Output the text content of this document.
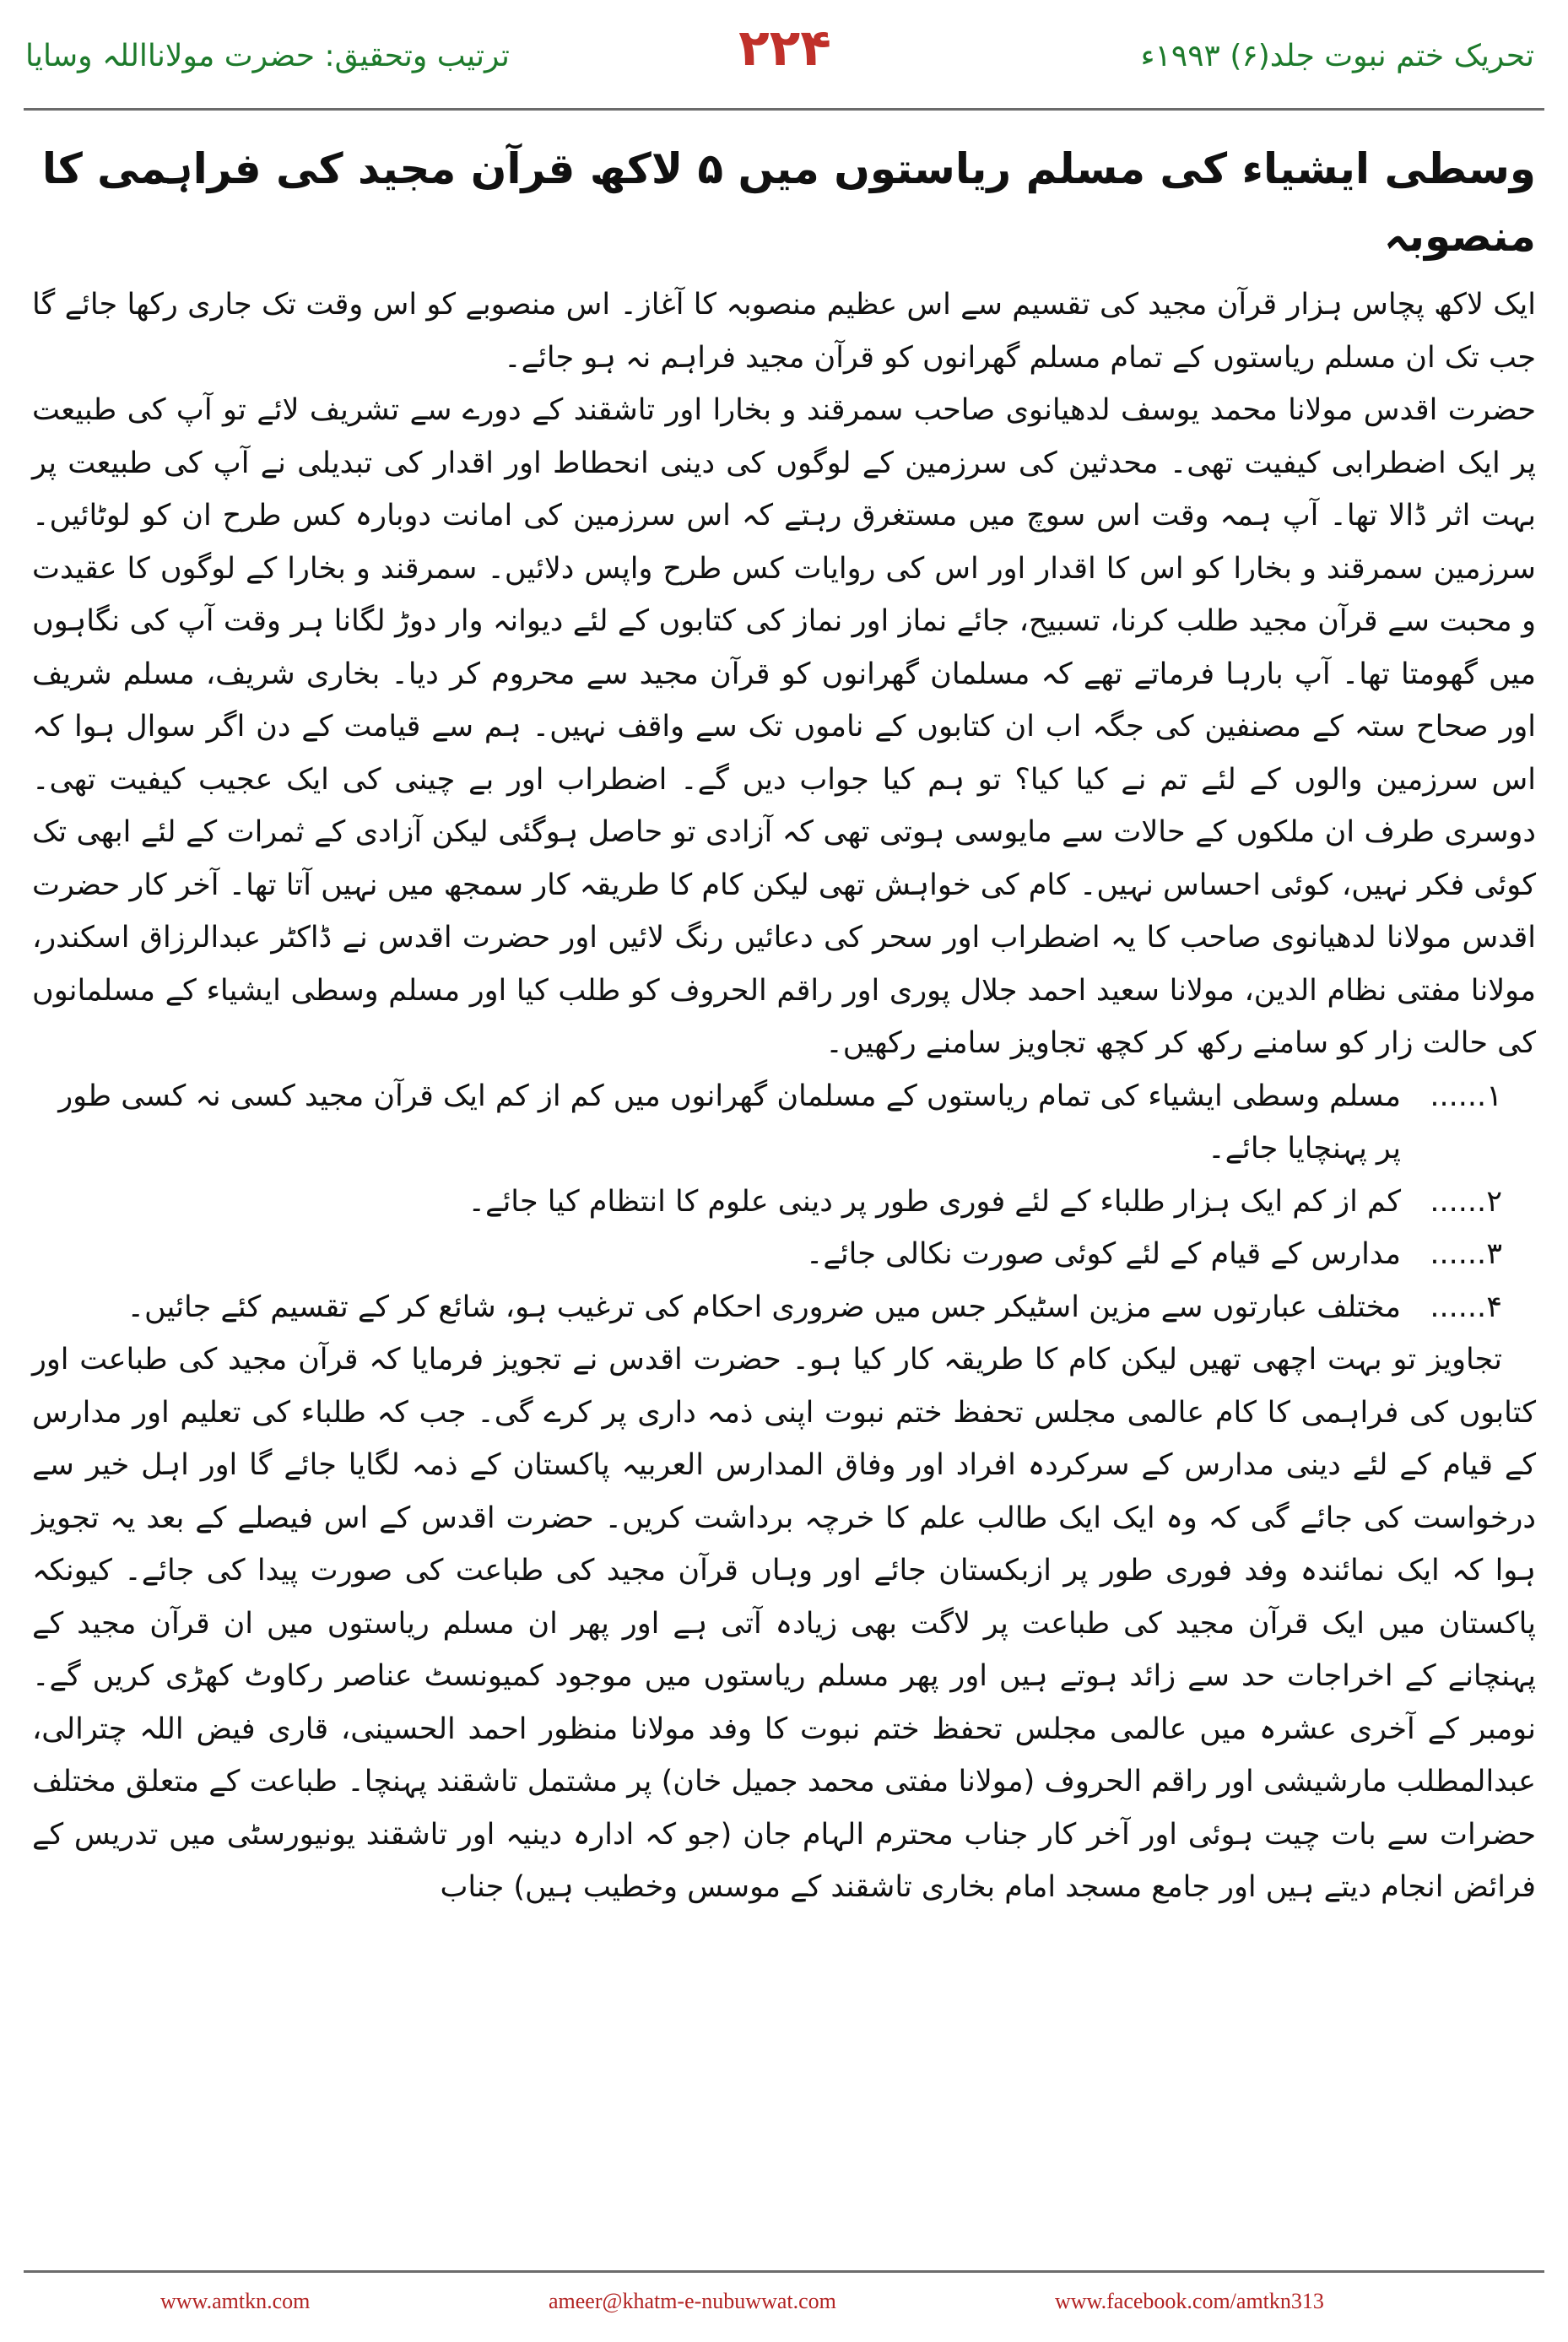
تحریک ختم نبوت جلد(۶) ۱۹۹۳ء
۲۲۴
ترتیب وتحقیق: حضرت مولانااللہ وسایا
وسطی ایشیاء کی مسلم ریاستوں میں ۵ لاکھ قرآن مجید کی فراہمی کا منصوبہ

ایک لاکھ پچاس ہزار قرآن مجید کی تقسیم سے اس عظیم منصوبہ کا آغاز۔ اس منصوبے کو اس وقت تک جاری رکھا جائے گا جب تک ان مسلم ریاستوں کے تمام مسلم گھرانوں کو قرآن مجید فراہم نہ ہو جائے۔

حضرت اقدس مولانا محمد یوسف لدھیانوی صاحب سمرقند و بخارا اور تاشقند کے دورے سے تشریف لائے تو آپ کی طبیعت پر ایک اضطرابی کیفیت تھی۔ محدثین کی سرزمین کے لوگوں کی دینی انحطاط اور اقدار کی تبدیلی نے آپ کی طبیعت پر بہت اثر ڈالا تھا۔ آپ ہمہ وقت اس سوچ میں مستغرق رہتے کہ اس سرزمین کی امانت دوبارہ کس طرح ان کو لوٹائیں۔ سرزمین سمرقند و بخارا کو اس کا اقدار اور اس کی روایات کس طرح واپس دلائیں۔ سمرقند و بخارا کے لوگوں کا عقیدت و محبت سے قرآن مجید طلب کرنا، تسبیح، جائے نماز اور نماز کی کتابوں کے لئے دیوانہ وار دوڑ لگانا ہر وقت آپ کی نگاہوں میں گھومتا تھا۔ آپ بارہا فرماتے تھے کہ مسلمان گھرانوں کو قرآن مجید سے محروم کر دیا۔ بخاری شریف، مسلم شریف اور صحاح ستہ کے مصنفین کی جگہ اب ان کتابوں کے ناموں تک سے واقف نہیں۔ ہم سے قیامت کے دن اگر سوال ہوا کہ اس سرزمین والوں کے لئے تم نے کیا کیا؟ تو ہم کیا جواب دیں گے۔ اضطراب اور بے چینی کی ایک عجیب کیفیت تھی۔ دوسری طرف ان ملکوں کے حالات سے مایوسی ہوتی تھی کہ آزادی تو حاصل ہوگئی لیکن آزادی کے ثمرات کے لئے ابھی تک کوئی فکر نہیں، کوئی احساس نہیں۔ کام کی خواہش تھی لیکن کام کا طریقہ کار سمجھ میں نہیں آتا تھا۔ آخر کار حضرت اقدس مولانا لدھیانوی صاحب کا یہ اضطراب اور سحر کی دعائیں رنگ لائیں اور حضرت اقدس نے ڈاکٹر عبدالرزاق اسکندر، مولانا مفتی نظام الدین، مولانا سعید احمد جلال پوری اور راقم الحروف کو طلب کیا اور مسلم وسطی ایشیاء کے مسلمانوں کی حالت زار کو سامنے رکھ کر کچھ تجاویز سامنے رکھیں۔

۱......
مسلم وسطی ایشیاء کی تمام ریاستوں کے مسلمان گھرانوں میں کم از کم ایک قرآن مجید کسی نہ کسی طور پر پہنچایا جائے۔
۲......
کم از کم ایک ہزار طلباء کے لئے فوری طور پر دینی علوم کا انتظام کیا جائے۔
۳......
مدارس کے قیام کے لئے کوئی صورت نکالی جائے۔
۴......
مختلف عبارتوں سے مزین اسٹیکر جس میں ضروری احکام کی ترغیب ہو، شائع کر کے تقسیم کئے جائیں۔

تجاویز تو بہت اچھی تھیں لیکن کام کا طریقہ کار کیا ہو۔ حضرت اقدس نے تجویز فرمایا کہ قرآن مجید کی طباعت اور کتابوں کی فراہمی کا کام عالمی مجلس تحفظ ختم نبوت اپنی ذمہ داری پر کرے گی۔ جب کہ طلباء کی تعلیم اور مدارس کے قیام کے لئے دینی مدارس کے سرکردہ افراد اور وفاق المدارس العربیہ پاکستان کے ذمہ لگایا جائے گا اور اہل خیر سے درخواست کی جائے گی کہ وہ ایک ایک طالب علم کا خرچہ برداشت کریں۔ حضرت اقدس کے اس فیصلے کے بعد یہ تجویز ہوا کہ ایک نمائندہ وفد فوری طور پر ازبکستان جائے اور وہاں قرآن مجید کی طباعت کی صورت پیدا کی جائے۔ کیونکہ پاکستان میں ایک قرآن مجید کی طباعت پر لاگت بھی زیادہ آتی ہے اور پھر ان مسلم ریاستوں میں ان قرآن مجید کے پہنچانے کے اخراجات حد سے زائد ہوتے ہیں اور پھر مسلم ریاستوں میں موجود کمیونسٹ عناصر رکاوٹ کھڑی کریں گے۔ نومبر کے آخری عشرہ میں عالمی مجلس تحفظ ختم نبوت کا وفد مولانا منظور احمد الحسینی، قاری فیض اللہ چترالی، عبدالمطلب مارشیشی اور راقم الحروف (مولانا مفتی محمد جمیل خان) پر مشتمل تاشقند پہنچا۔ طباعت کے متعلق مختلف حضرات سے بات چیت ہوئی اور آخر کار جناب محترم الہام جان (جو کہ ادارہ دینیہ اور تاشقند یونیورسٹی میں تدریس کے فرائض انجام دیتے ہیں اور جامع مسجد امام بخاری تاشقند کے موسس وخطیب ہیں) جناب

www.amtkn.com	ameer@khatm-e-nubuwwat.com	www.facebook.com/amtkn313
